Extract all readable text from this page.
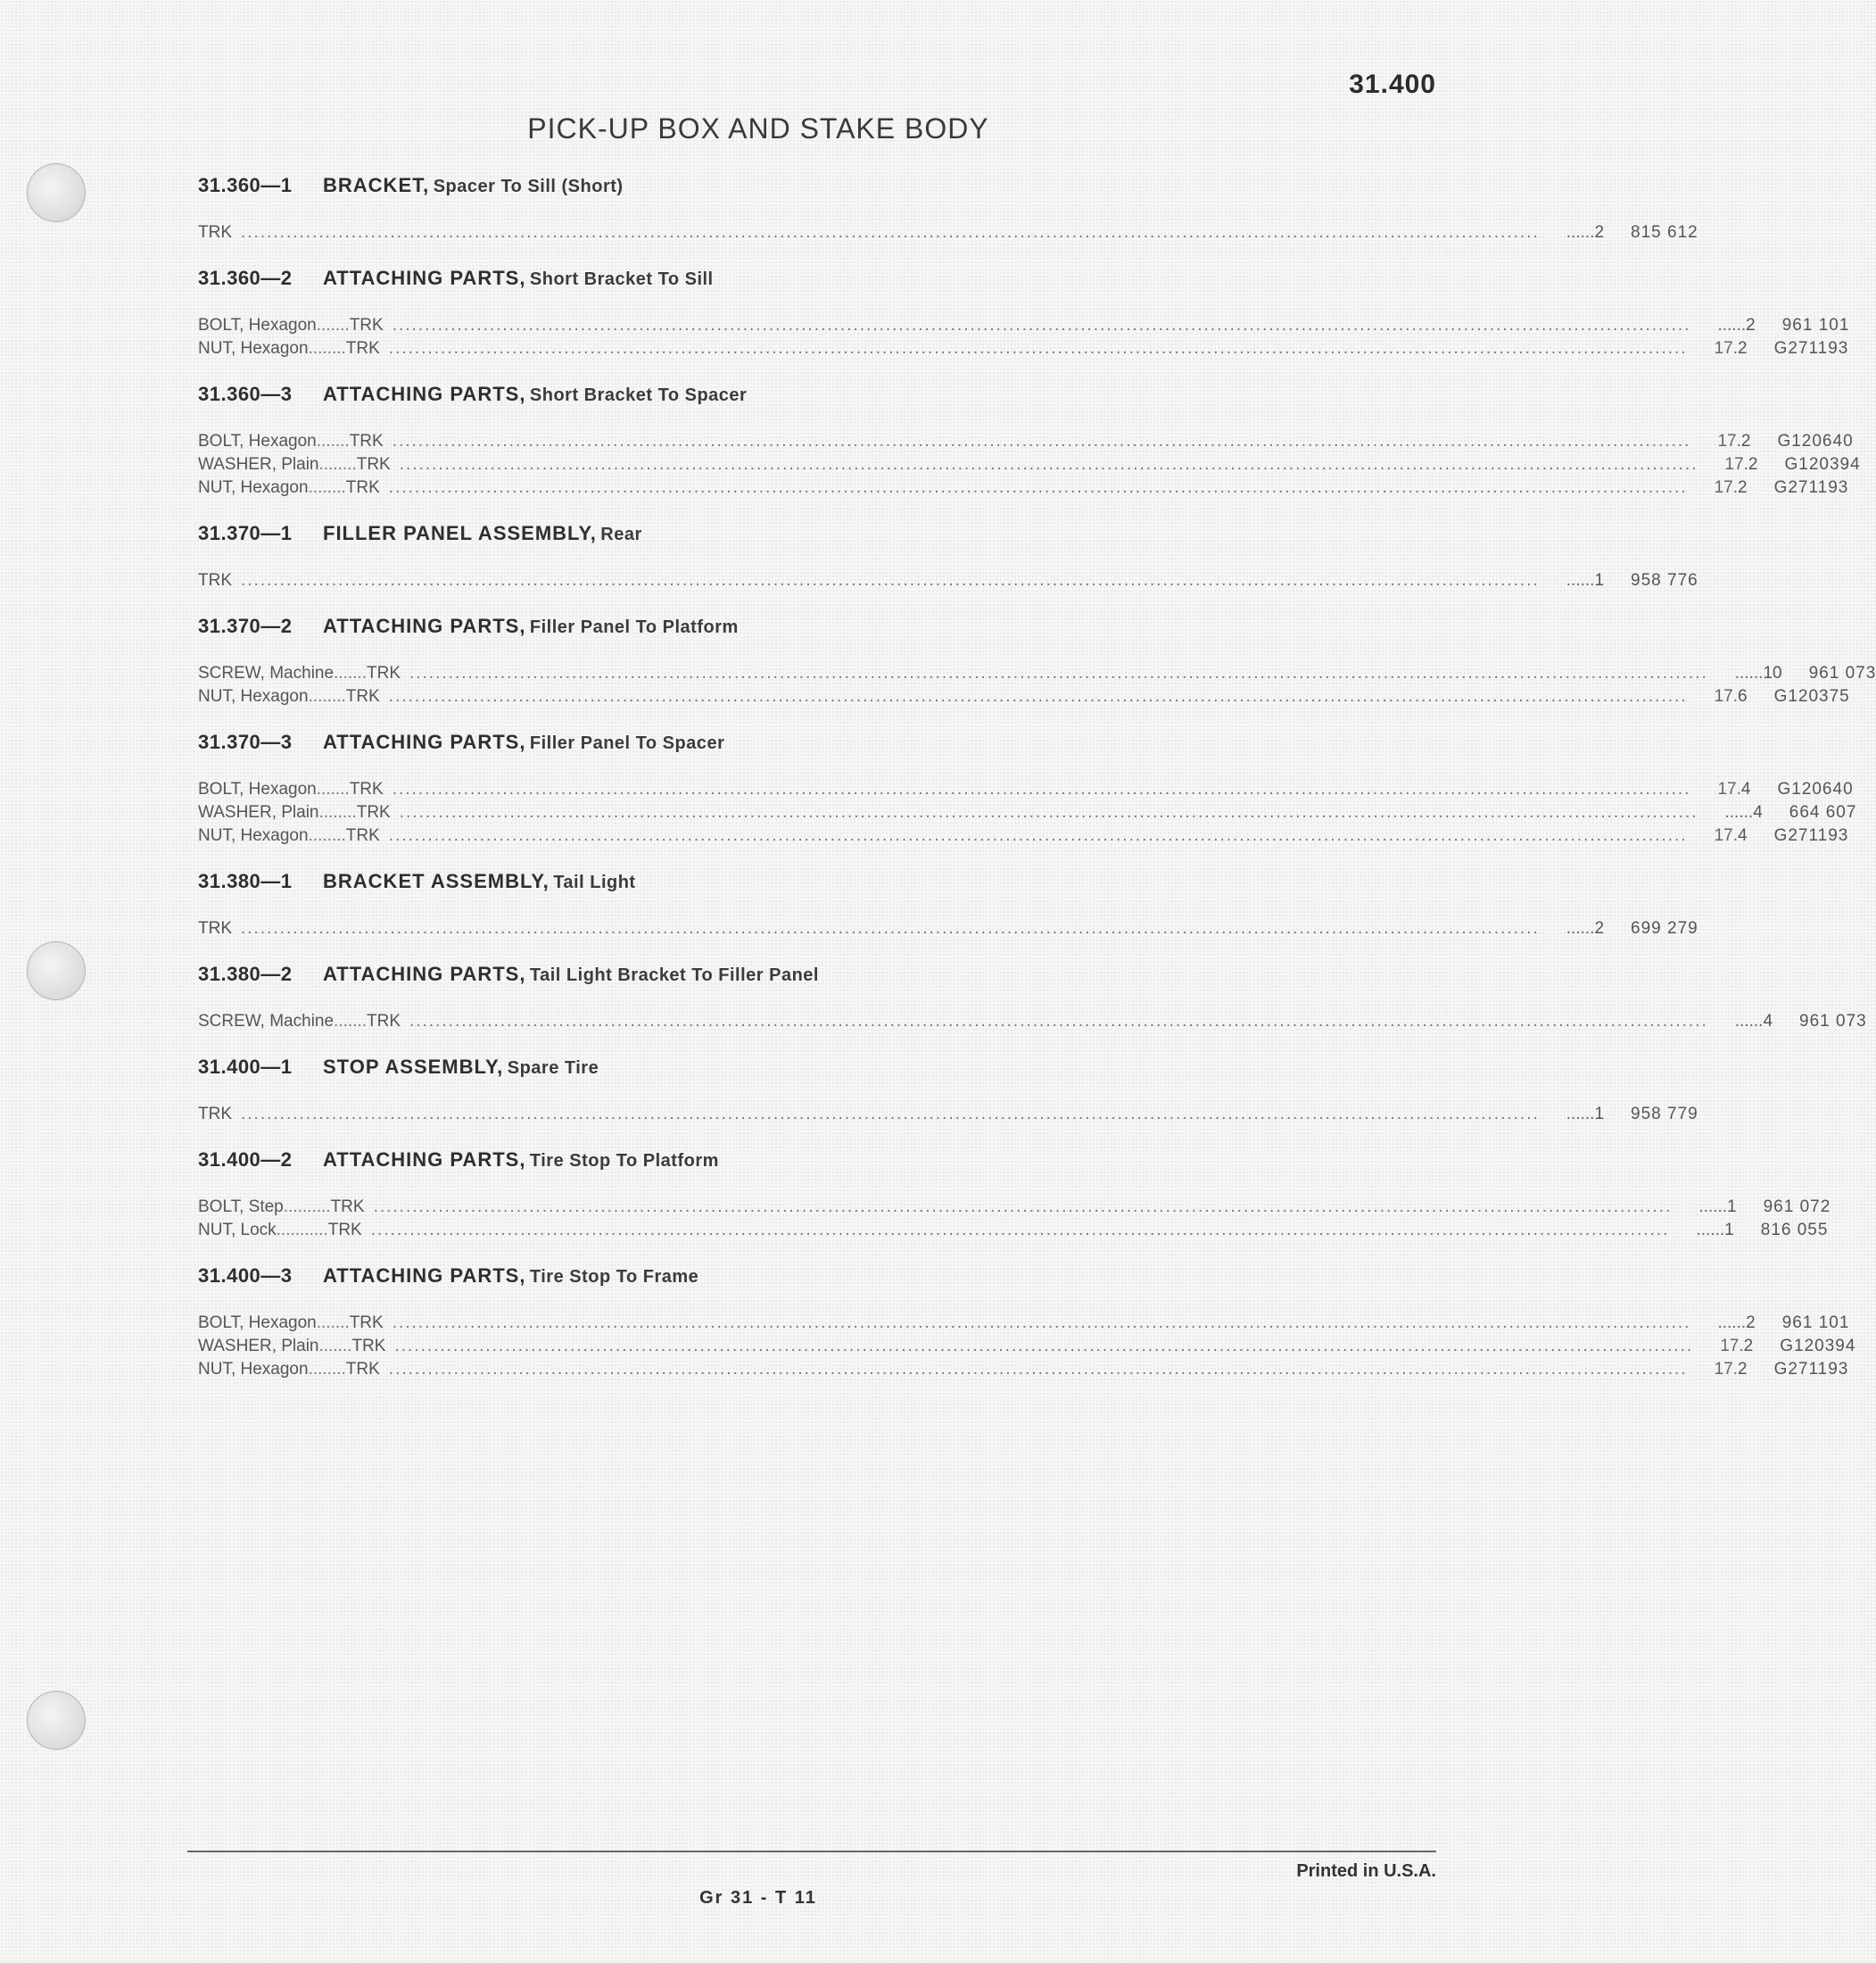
31.400
PICK-UP BOX AND STAKE BODY
31.360—1 BRACKET, Spacer To Sill (Short)
TRK ........................................................................................................................................................................................................ ...... 2 815 612
31.360—2 ATTACHING PARTS, Short Bracket To Sill
BOLT, Hexagon....... TRK ........................................................................................................................................................................................................ ...... 2 961 101
NUT, Hexagon........ TRK ........................................................................................................................................................................................................ 17. 2 G271193
31.360—3 ATTACHING PARTS, Short Bracket To Spacer
BOLT, Hexagon....... TRK ........................................................................................................................................................................................................ 17. 2 G120640
WASHER, Plain........ TRK ........................................................................................................................................................................................................ 17. 2 G120394
NUT, Hexagon........ TRK ........................................................................................................................................................................................................ 17. 2 G271193
31.370—1 FILLER PANEL ASSEMBLY, Rear
TRK ........................................................................................................................................................................................................ ...... 1 958 776
31.370—2 ATTACHING PARTS, Filler Panel To Platform
SCREW, Machine....... TRK ........................................................................................................................................................................................................ ...... 10 961 073
NUT, Hexagon........ TRK ........................................................................................................................................................................................................ 17. 6 G120375
31.370—3 ATTACHING PARTS, Filler Panel To Spacer
BOLT, Hexagon....... TRK ........................................................................................................................................................................................................ 17. 4 G120640
WASHER, Plain........ TRK ........................................................................................................................................................................................................ ...... 4 664 607
NUT, Hexagon........ TRK ........................................................................................................................................................................................................ 17. 4 G271193
31.380—1 BRACKET ASSEMBLY, Tail Light
TRK ........................................................................................................................................................................................................ ...... 2 699 279
31.380—2 ATTACHING PARTS, Tail Light Bracket To Filler Panel
SCREW, Machine....... TRK ........................................................................................................................................................................................................ ...... 4 961 073
31.400—1 STOP ASSEMBLY, Spare Tire
TRK ........................................................................................................................................................................................................ ...... 1 958 779
31.400—2 ATTACHING PARTS, Tire Stop To Platform
BOLT, Step.......... TRK ........................................................................................................................................................................................................ ...... 1 961 072
NUT, Lock........... TRK ........................................................................................................................................................................................................ ...... 1 816 055
31.400—3 ATTACHING PARTS, Tire Stop To Frame
BOLT, Hexagon....... TRK ........................................................................................................................................................................................................ ...... 2 961 101
WASHER, Plain....... TRK ........................................................................................................................................................................................................ 17. 2 G120394
NUT, Hexagon........ TRK ........................................................................................................................................................................................................ 17. 2 G271193
Printed in U.S.A.
Gr 31 - T 11
